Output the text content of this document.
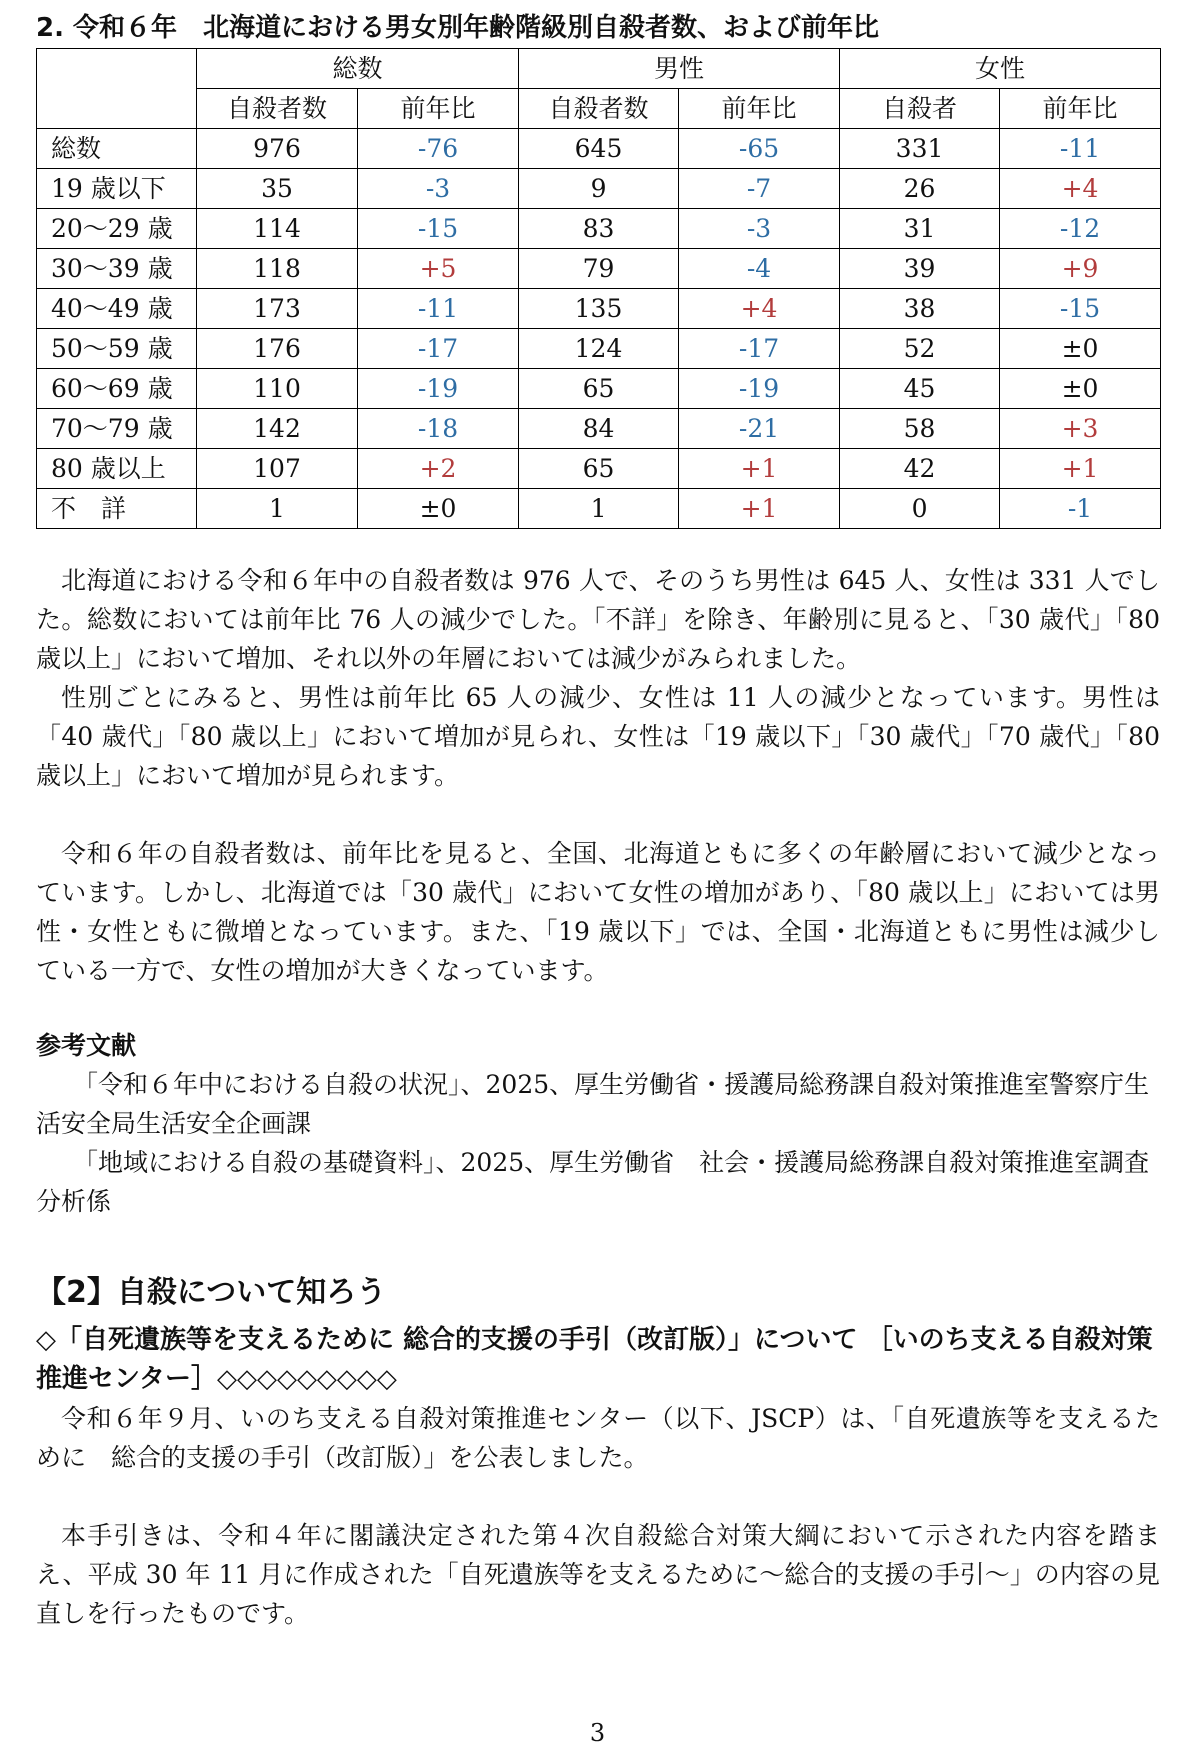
2. 令和６年　北海道における男女別年齢階級別自殺者数、および前年比
	総数		男性		女性	
	自殺者数	前年比	自殺者数	前年比	自殺者	前年比
総数	976	-76	645	-65	331	-11
19 歳以下	35	-3	9	-7	26	+4
20～29 歳	114	-15	83	-3	31	-12
30～39 歳	118	+5	79	-4	39	+9
40～49 歳	173	-11	135	+4	38	-15
50～59 歳	176	-17	124	-17	52	±0
60～69 歳	110	-19	65	-19	45	±0
70～79 歳	142	-18	84	-21	58	+3
80 歳以上	107	+2	65	+1	42	+1
不　詳	1	±0	1	+1	0	-1

北海道における令和６年中の自殺者数は 976 人で、そのうち男性は 645 人、女性は 331 人でした。総数においては前年比 76 人の減少でした。「不詳」を除き、年齢別に見ると、「30 歳代」「80 歳以上」において増加、それ以外の年層においては減少がみられました。

性別ごとにみると、男性は前年比 65 人の減少、女性は 11 人の減少となっています。男性は「40 歳代」「80 歳以上」において増加が見られ、女性は「19 歳以下」「30 歳代」「70 歳代」「80 歳以上」において増加が見られます。

令和６年の自殺者数は、前年比を見ると、全国、北海道ともに多くの年齢層において減少となっています。しかし、北海道では「30 歳代」において女性の増加があり、「80 歳以上」においては男性・女性ともに微増となっています。また、「19 歳以下」では、全国・北海道ともに男性は減少している一方で、女性の増加が大きくなっています。

参考文献

「令和６年中における自殺の状況」、2025、厚生労働省・援護局総務課自殺対策推進室警察庁生活安全局生活安全企画課

「地域における自殺の基礎資料」、2025、厚生労働省　社会・援護局総務課自殺対策推進室調査分析係

【2】自殺について知ろう
◇「自死遺族等を支えるために 総合的支援の手引（改訂版）」について ［いのち支える自殺対策推進センター］◇◇◇◇◇◇◇◇◇

令和６年９月、いのち支える自殺対策推進センター（以下、JSCP）は、「自死遺族等を支えるために　総合的支援の手引（改訂版）」を公表しました。

本手引きは、令和４年に閣議決定された第４次自殺総合対策大綱において示された内容を踏まえ、平成 30 年 11 月に作成された「自死遺族等を支えるために～総合的支援の手引～」の内容の見直しを行ったものです。

3
